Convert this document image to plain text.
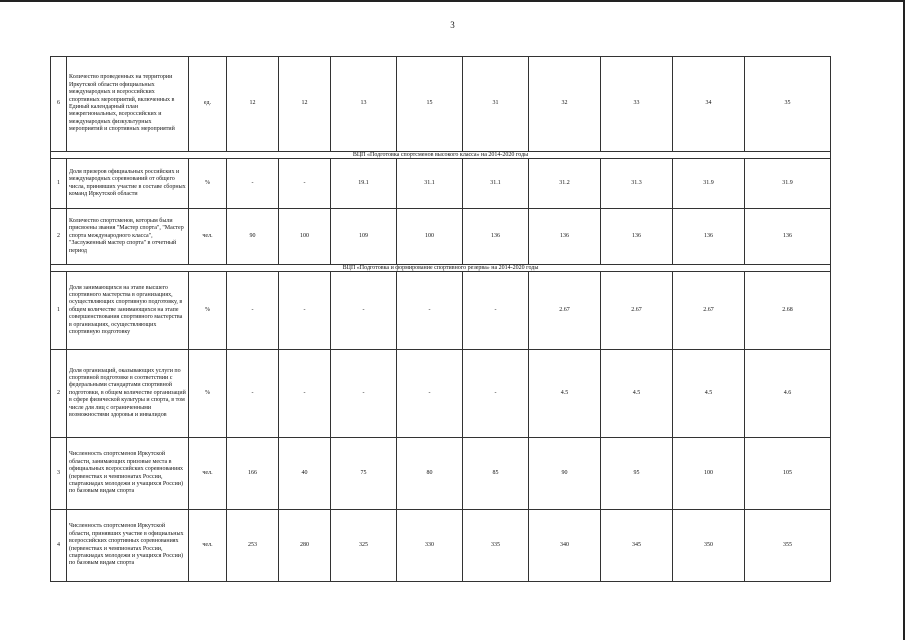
3
6	Количество проведенных на территории Иркутской области официальных международных и всероссийских спортивных мероприятий, включенных в Единый календарный план межрегиональных, всероссийских и международных физкультурных мероприятий и спортивных мероприятий	ед.	12	12	13	15	31	32	33	34	35
ВЦП «Подготовка спортсменов высокого класса» на 2014-2020 годы											
1	Доля призеров официальных российских и международных соревнований от общего числа, принявших участие в составе сборных команд Иркутской области	%	-	-	19.1	31.1	31.1	31.2	31.3	31.9	31.9
2	Количество спортсменов, которым были присвоены звания "Мастер спорта", "Мастер спорта международного класса", "Заслуженный мастер спорта" в отчетный период	чел.	90	100	109	100	136	136	136	136	136
ВЦП «Подготовка и формирование спортивного резерва» на 2014-2020 годы											
1	Доля занимающихся на этапе высшего спортивного мастерства в организациях, осуществляющих спортивную подготовку, в общем количестве занимающихся на этапе совершенствования спортивного мастерства в организациях, осуществляющих спортивную подготовку	%	-	-	-	-	-	2.67	2.67	2.67	2.68
2	Доля организаций, оказывающих услуги по спортивной подготовке в соответствии с федеральными стандартами спортивной подготовки, в общем количестве организаций в сфере физической культуры и спорта, в том числе для лиц с ограниченными возможностями здоровья и инвалидов	%	-	-	-	-	-	4.5	4.5	4.5	4.6
3	Численность спортсменов Иркутской области, занимающих призовые места в официальных всероссийских соревнованиях (первенствах и чемпионатах России, спартакиадах молодежи и учащихся России) по базовым видам спорта	чел.	166	40	75	80	85	90	95	100	105
4	Численность спортсменов Иркутской области, принявших участие в официальных всероссийских спортивных соревнованиях (первенствах и чемпионатах России, спартакиадах молодежи и учащихся России) по базовым видам спорта	чел.	253	280	325	330	335	340	345	350	355
